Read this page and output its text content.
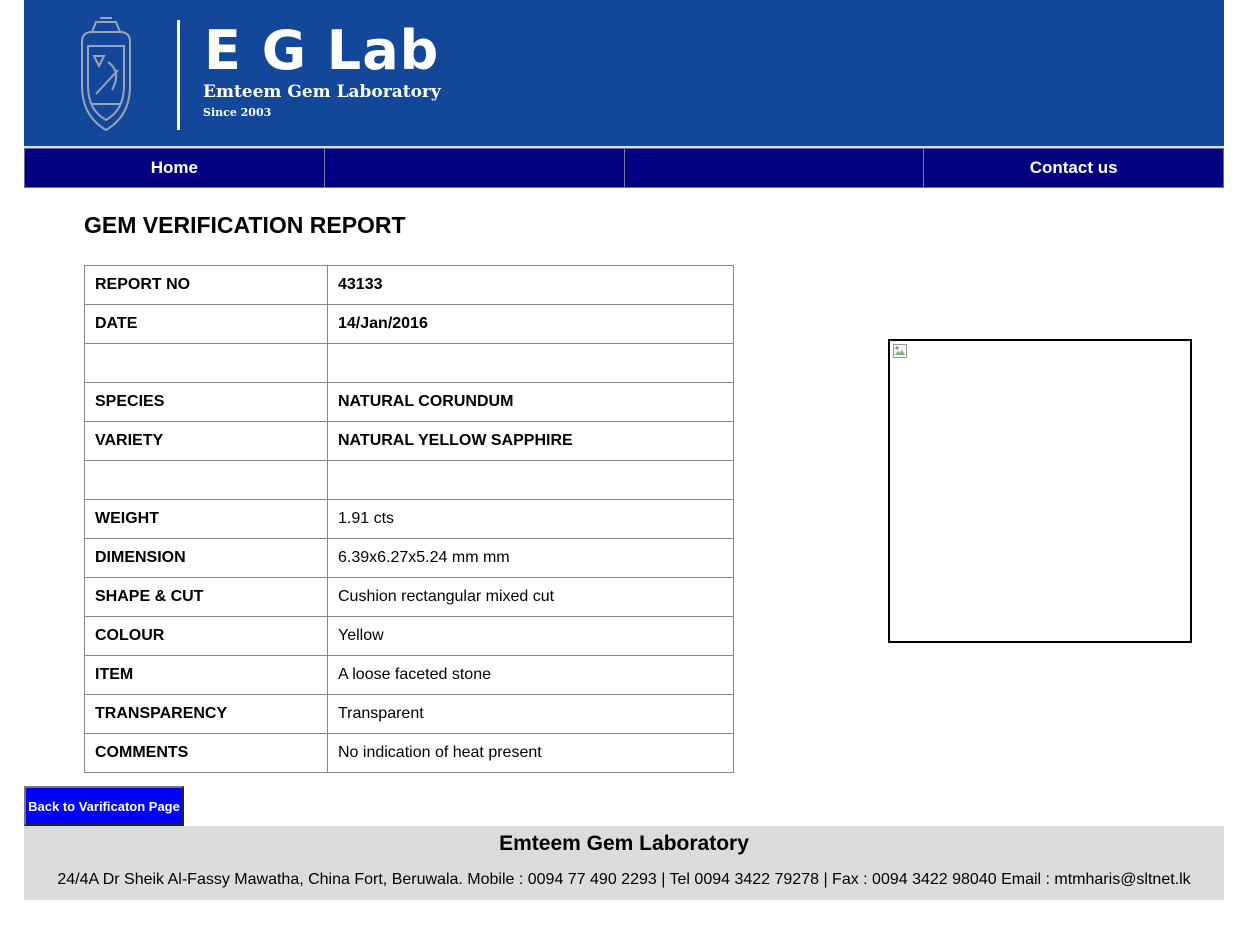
E G Lab
Emteem Gem Laboratory
Since 2003
Home	Contact us
GEM VERIFICATION REPORT
REPORT NO	43133
DATE	14/Jan/2016

SPECIES	NATURAL CORUNDUM
VARIETY	NATURAL YELLOW SAPPHIRE

WEIGHT	1.91 cts
DIMENSION	6.39x6.27x5.24 mm mm
SHAPE & CUT	Cushion rectangular mixed cut
COLOUR	Yellow
ITEM	A loose faceted stone
TRANSPARENCY	Transparent
COMMENTS	No indication of heat present
Back to Varificaton Page

Emteem Gem Laboratory

24/4A Dr Sheik Al-Fassy Mawatha, China Fort, Beruwala. Mobile : 0094 77 490 2293 | Tel 0094 3422 79278 | Fax : 0094 3422 98040 Email : mtmharis@sltnet.lk
